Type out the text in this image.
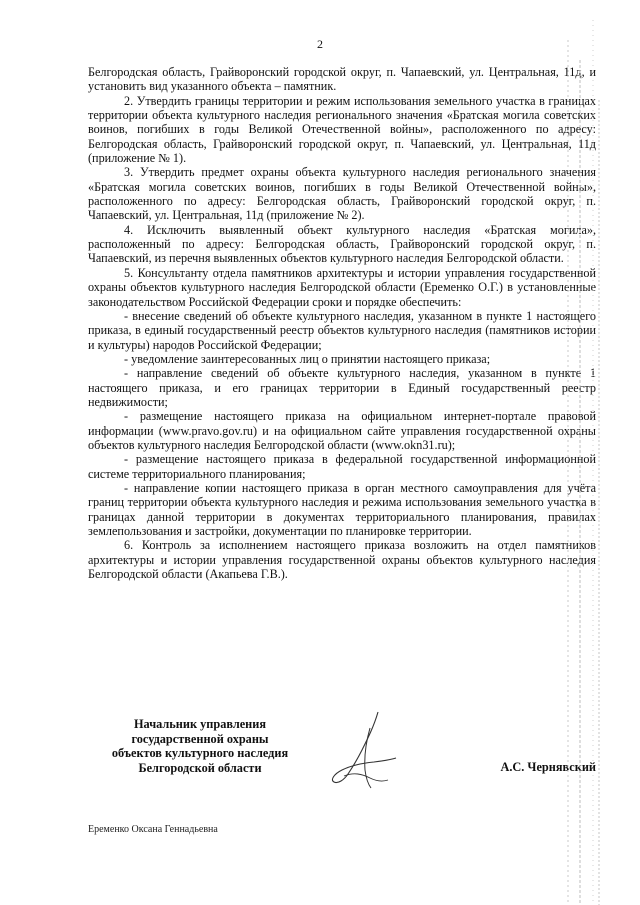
2

Белгородская область, Грайворонский городской округ, п. Чапаевский, ул. Центральная, 11д, и установить вид указанного объекта – памятник.

2. Утвердить границы территории и режим использования земельного участка в границах территории объекта культурного наследия регионального значения «Братская могила советских воинов, погибших в годы Великой Отечественной войны», расположенного по адресу: Белгородская область, Грайворонский городской округ, п. Чапаевский, ул. Центральная, 11д (приложение № 1).

3. Утвердить предмет охраны объекта культурного наследия регионального значения «Братская могила советских воинов, погибших в годы Великой Отечественной войны», расположенного по адресу: Белгородская область, Грайворонский городской округ, п. Чапаевский, ул. Центральная, 11д (приложение № 2).

4. Исключить выявленный объект культурного наследия «Братская могила», расположенный по адресу: Белгородская область, Грайворонский городской округ, п. Чапаевский, из перечня выявленных объектов культурного наследия Белгородской области.

5. Консультанту отдела памятников архитектуры и истории управления государственной охраны объектов культурного наследия Белгородской области (Еременко О.Г.) в установленные законодательством Российской Федерации сроки и порядке обеспечить:

- внесение сведений об объекте культурного наследия, указанном в пункте 1 настоящего приказа, в единый государственный реестр объектов культурного наследия (памятников истории и культуры) народов Российской Федерации;

- уведомление заинтересованных лиц о принятии настоящего приказа;

- направление сведений об объекте культурного наследия, указанном в пункте 1 настоящего приказа, и его границах территории в Единый государственный реестр недвижимости;

- размещение настоящего приказа на официальном интернет-портале правовой информации (www.pravo.gov.ru) и на официальном сайте управления государственной охраны объектов культурного наследия Белгородской области (www.okn31.ru);

- размещение настоящего приказа в федеральной государственной информационной системе территориального планирования;

- направление копии настоящего приказа в орган местного самоуправления для учёта границ территории объекта культурного наследия и режима использования земельного участка в границах данной территории в документах территориального планирования, правилах землепользования и застройки, документации по планировке территории.

6. Контроль за исполнением настоящего приказа возложить на отдел памятников архитектуры и истории управления государственной охраны объектов культурного наследия Белгородской области (Акапьева Г.В.).

Начальник управления
государственной охраны
объектов культурного наследия
Белгородской области	А.С. Чернявский
Еременко Оксана Геннадьевна
